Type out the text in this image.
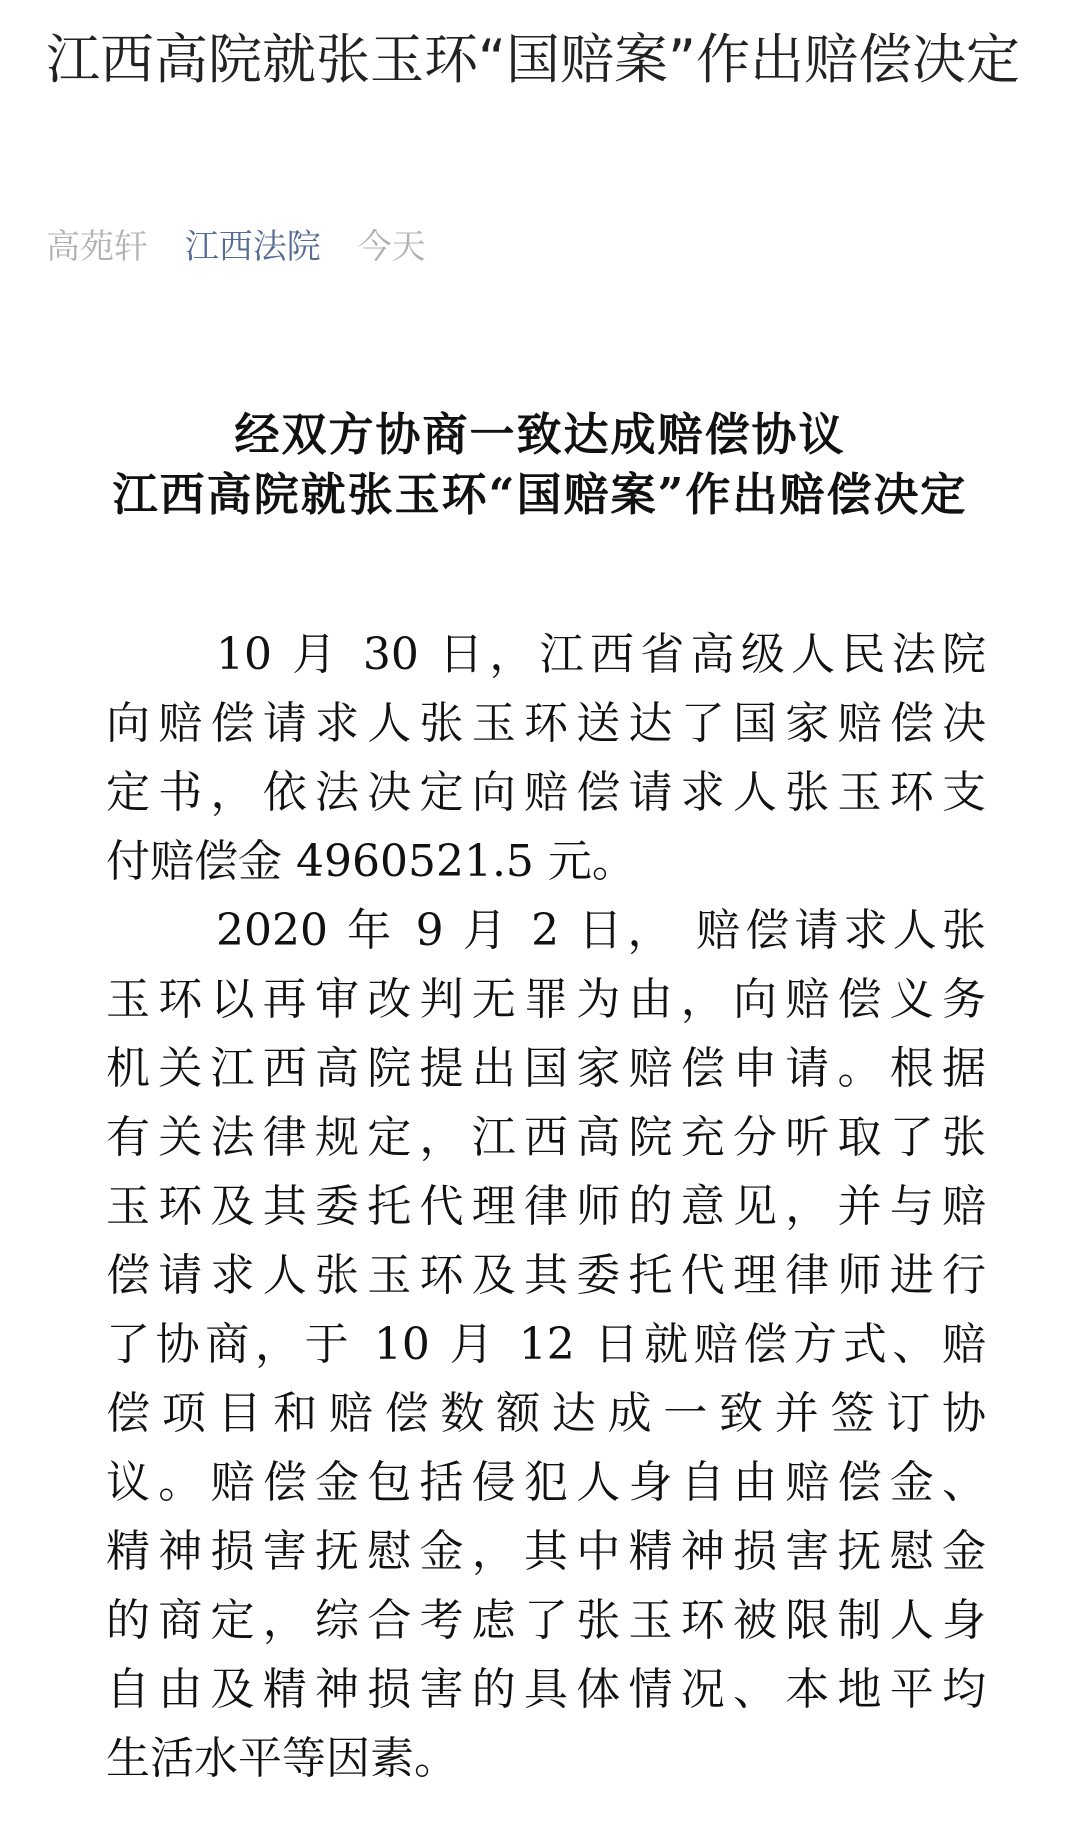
江西高院就张玉环“国赔案”作出赔偿决定
高苑轩 江西法院 今天
经双方协商一致达成赔偿协议
江西高院就张玉环“国赔案”作出赔偿决定
10 月 30 日，江西省高级人民法院
向赔偿请求人张玉环送达了国家赔偿决
定书，依法决定向赔偿请求人张玉环支
付赔偿金 4960521.5 元。
2020 年 9 月 2 日， 赔偿请求人张
玉环以再审改判无罪为由，向赔偿义务
机关江西高院提出国家赔偿申请。根据
有关法律规定，江西高院充分听取了张
玉环及其委托代理律师的意见，并与赔
偿请求人张玉环及其委托代理律师进行
了协商，于 10 月 12 日就赔偿方式、赔
偿项目和赔偿数额达成一致并签订协
议。赔偿金包括侵犯人身自由赔偿金、
精神损害抚慰金，其中精神损害抚慰金
的商定，综合考虑了张玉环被限制人身
自由及精神损害的具体情况、本地平均
生活水平等因素。
